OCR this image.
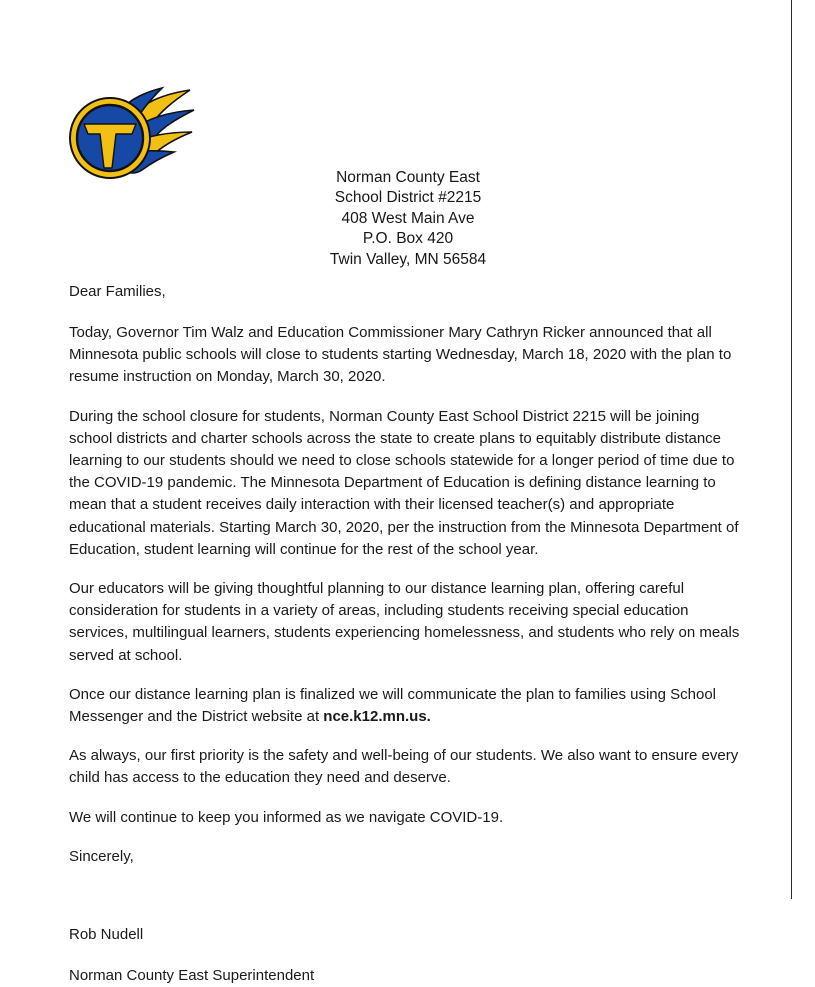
Norman County East
School District #2215
408 West Main Ave
P.O. Box 420
Twin Valley, MN 56584

Dear Families,

Today, Governor Tim Walz and Education Commissioner Mary Cathryn Ricker announced that all Minnesota public schools will close to students starting Wednesday, March 18, 2020 with the plan to resume instruction on Monday, March 30, 2020.

During the school closure for students, Norman County East School District 2215 will be joining school districts and charter schools across the state to create plans to equitably distribute distance learning to our students should we need to close schools statewide for a longer period of time due to the COVID-19 pandemic. The Minnesota Department of Education is defining distance learning to mean that a student receives daily interaction with their licensed teacher(s) and appropriate educational materials. Starting March 30, 2020, per the instruction from the Minnesota Department of Education, student learning will continue for the rest of the school year.

Our educators will be giving thoughtful planning to our distance learning plan, offering careful consideration for students in a variety of areas, including students receiving special education services, multilingual learners, students experiencing homelessness, and students who rely on meals served at school.

Once our distance learning plan is finalized we will communicate the plan to families using School Messenger and the District website at nce.k12.mn.us.

As always, our first priority is the safety and well-being of our students. We also want to ensure every child has access to the education they need and deserve.

We will continue to keep you informed as we navigate COVID-19.

Sincerely,

Rob Nudell

Norman County East Superintendent
